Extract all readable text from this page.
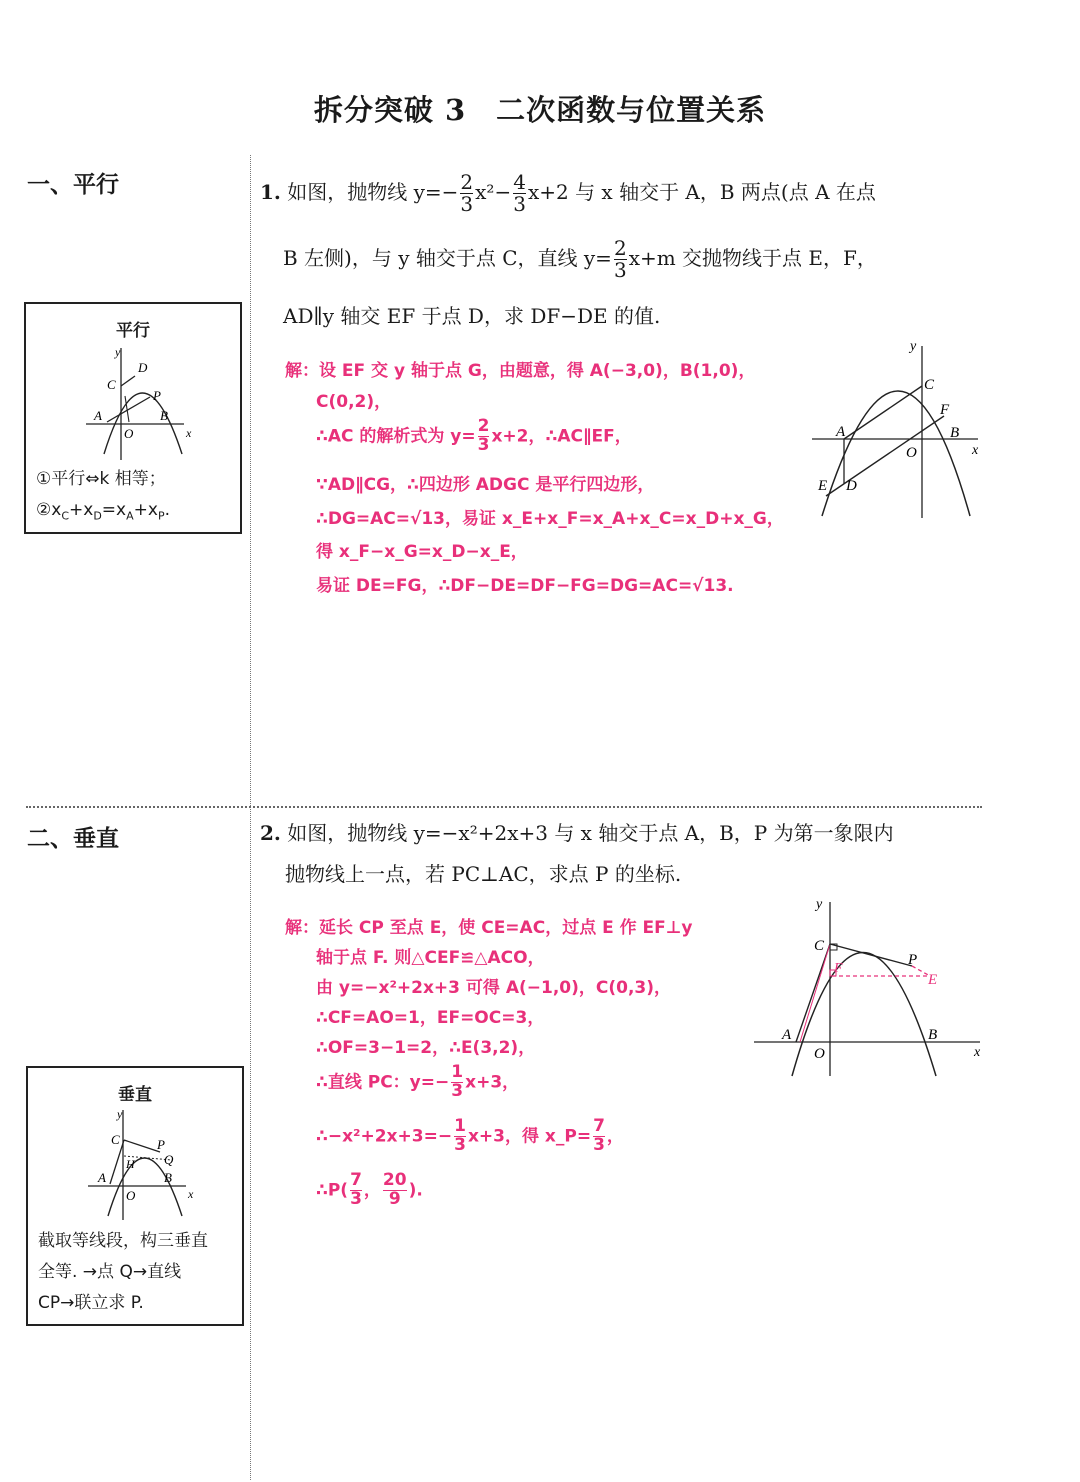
拆分突破 3　二次函数与位置关系
一、平行
二、垂直
平行
y
x
C
D
P
A	B
O
①平行⇔k 相等；
$②x_C+x_D=x_A+x_P$.
垂直
y
x
C
H
P
Q
A	B
O
截取等线段，构三垂直
全等. →点 Q→直线
CP→联立求 P.
1. 如图，抛物线 $y=- \frac{2}{3} x^2- \frac{4}{3} x+2$ 与 x 轴交于 A，B 两点(点 A 在点
B 左侧)，与 y 轴交于点 C，直线 $y= \frac{2}{3} x+m$ 交抛物线于点 E，F，
AD∥y 轴交 EF 于点 D，求 DF−DE 的值.
解：设 EF 交 y 轴于点 G，由题意，得 A(−3,0)，B(1,0)，
C(0,2)，
∴AC 的解析式为 $y= \frac{2}{3} x+2$，∴AC∥EF，
∵AD∥CG，∴四边形 ADGC 是平行四边形，
∴DG=AC=√13，易证 x_E+x_F=x_A+x_C=x_D+x_G，
得 x_F−x_G=x_D−x_E，
易证 DE=FG，∴DF−DE=DF−FG=DG=AC=√13.
y
x
C
F
B
A
O
E D
2. 如图，抛物线 y=−x²+2x+3 与 x 轴交于点 A，B，P 为第一象限内
抛物线上一点，若 PC⊥AC，求点 P 的坐标.
解：延长 CP 至点 E，使 CE=AC，过点 E 作 EF⊥y
轴于点 F. 则△CEF≌△ACO，
由 y=−x²+2x+3 可得 A(−1,0)，C(0,3)，
∴CF=AO=1，EF=OC=3，
∴OF=3−1=2，∴E(3,2)，
∴直线 PC：$y=- \frac{1}{3} x+3$，
∴−x²+2x+3=− $\frac{1}{3} x+3$，得 x_P= $\frac{7}{3}$ ，
∴P( $\frac{7}{3}$ ， $\frac{20}{9}$ ).
y
x
C
F
P
E
A	B
O
